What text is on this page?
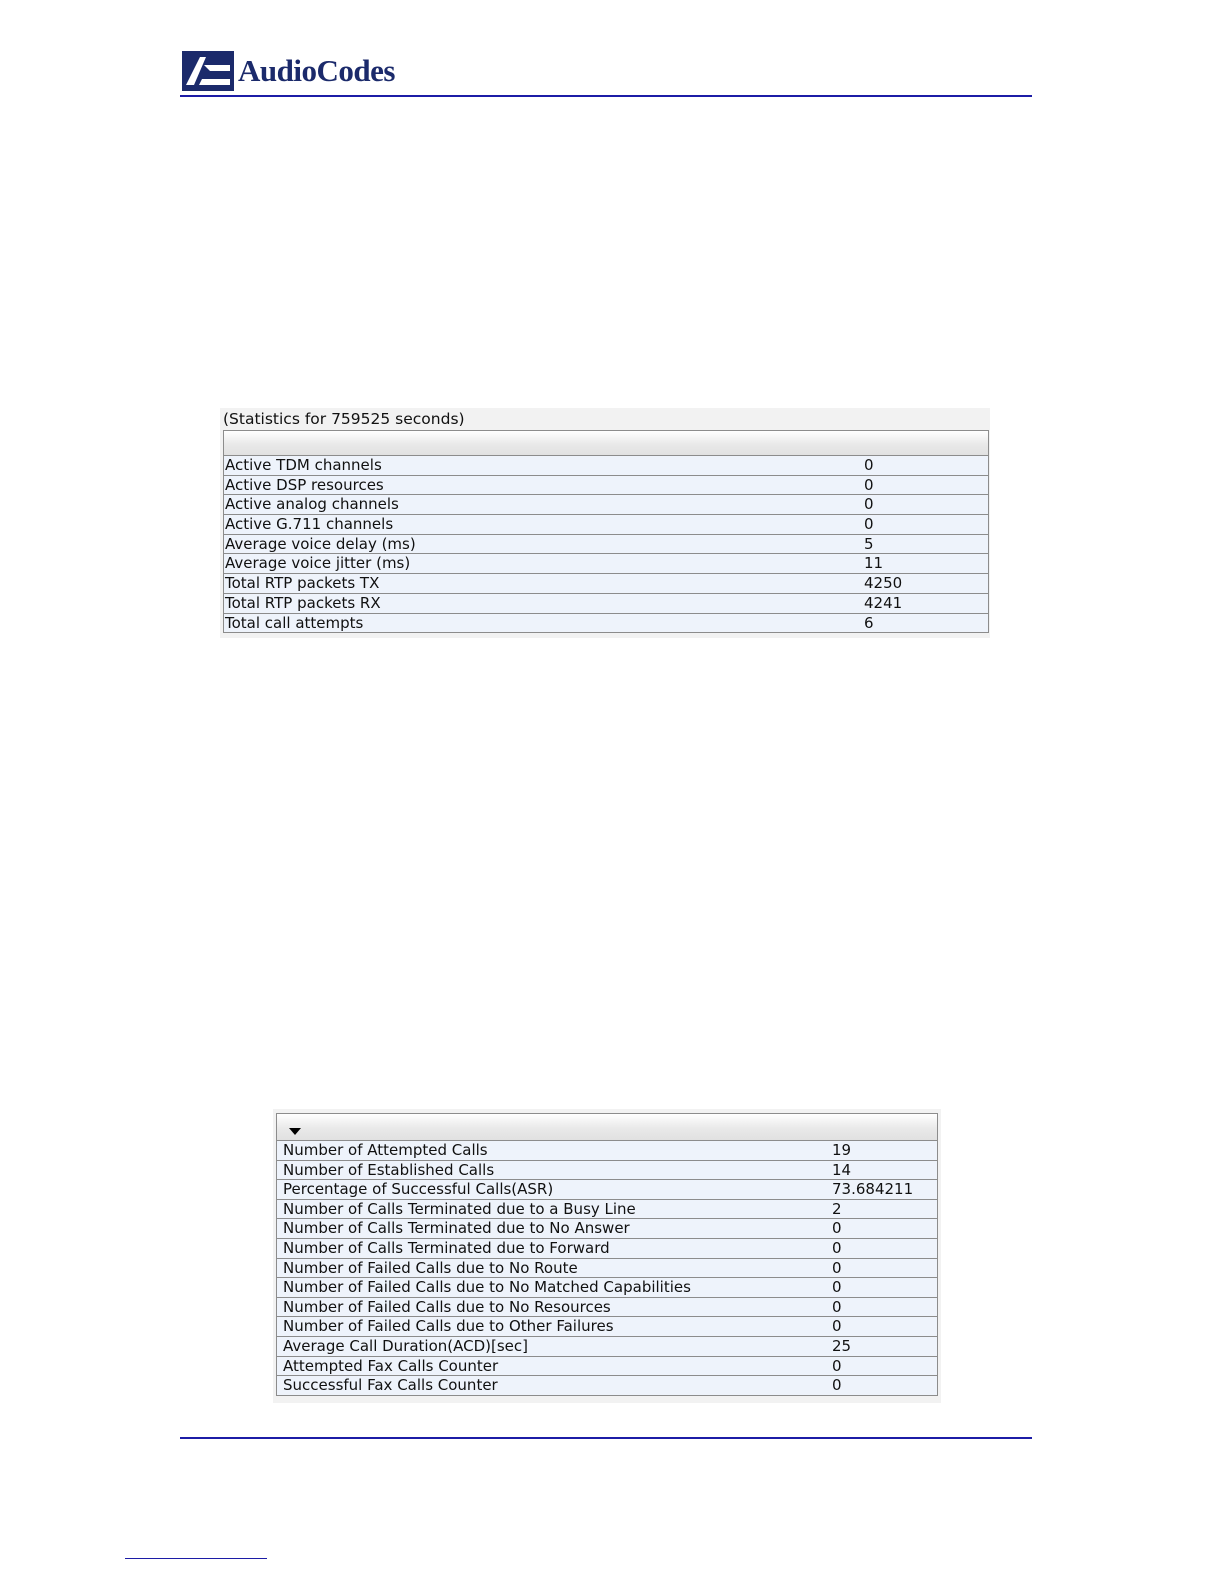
AudioCodes
(Statistics for 759525 seconds)
Active TDM channels	0
Active DSP resources	0
Active analog channels	0
Active G.711 channels	0
Average voice delay (ms)	5
Average voice jitter (ms)	11
Total RTP packets TX	4250
Total RTP packets RX	4241
Total call attempts	6
Number of Attempted Calls	19
Number of Established Calls	14
Percentage of Successful Calls(ASR)	73.684211
Number of Calls Terminated due to a Busy Line	2
Number of Calls Terminated due to No Answer	0
Number of Calls Terminated due to Forward	0
Number of Failed Calls due to No Route	0
Number of Failed Calls due to No Matched Capabilities	0
Number of Failed Calls due to No Resources	0
Number of Failed Calls due to Other Failures	0
Average Call Duration(ACD)[sec]	25
Attempted Fax Calls Counter	0
Successful Fax Calls Counter	0
